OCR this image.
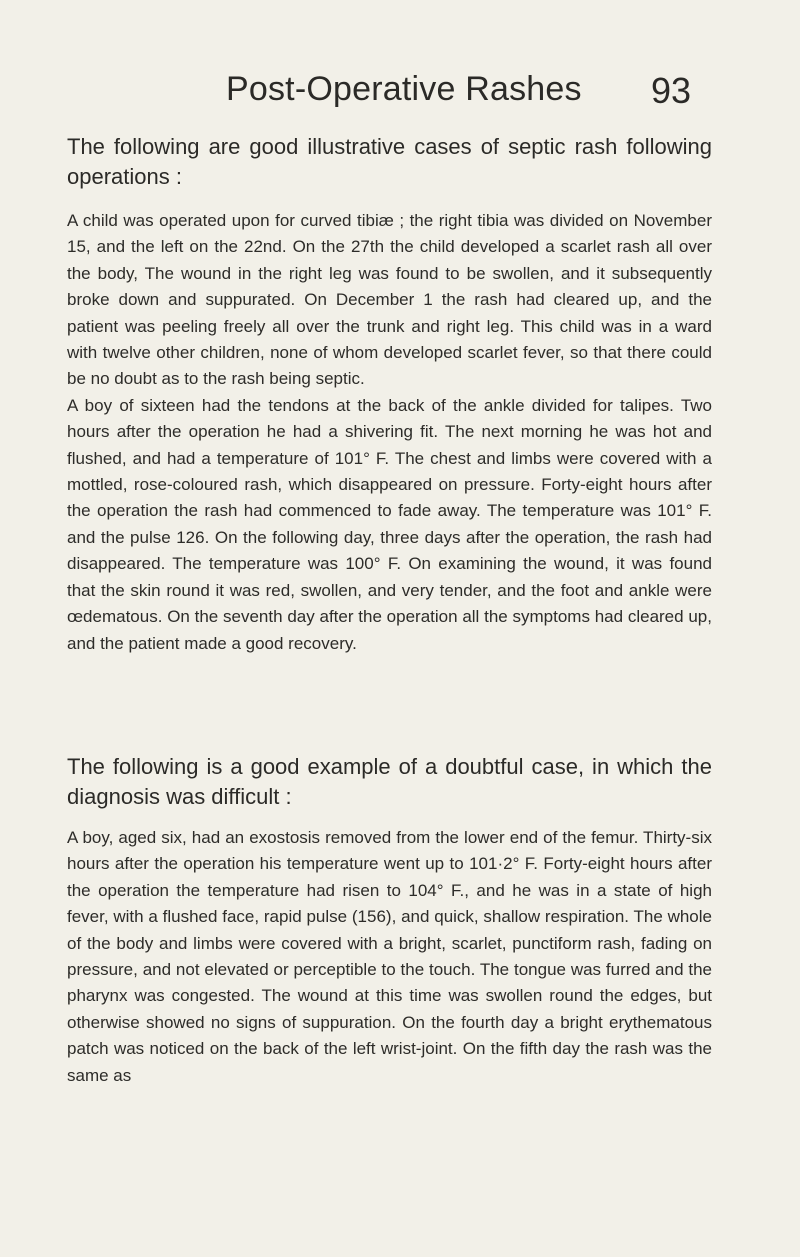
Post-Operative Rashes 93
The following are good illustrative cases of septic rash following operations :

A child was operated upon for curved tibiæ ; the right tibia was divided on November 15, and the left on the 22nd. On the 27th the child developed a scarlet rash all over the body, The wound in the right leg was found to be swollen, and it subsequently broke down and suppurated. On December 1 the rash had cleared up, and the patient was peeling freely all over the trunk and right leg. This child was in a ward with twelve other children, none of whom developed scarlet fever, so that there could be no doubt as to the rash being septic.

A boy of sixteen had the tendons at the back of the ankle divided for talipes. Two hours after the operation he had a shivering fit. The next morning he was hot and flushed, and had a temperature of 101° F. The chest and limbs were covered with a mottled, rose-coloured rash, which disappeared on pressure. Forty-eight hours after the operation the rash had commenced to fade away. The temperature was 101° F. and the pulse 126. On the following day, three days after the operation, the rash had disappeared. The temperature was 100° F. On examining the wound, it was found that the skin round it was red, swollen, and very tender, and the foot and ankle were œdematous. On the seventh day after the operation all the symptoms had cleared up, and the patient made a good recovery.

The following is a good example of a doubtful case, in which the diagnosis was difficult :

A boy, aged six, had an exostosis removed from the lower end of the femur. Thirty-six hours after the operation his temperature went up to 101·2° F. Forty-eight hours after the operation the temperature had risen to 104° F., and he was in a state of high fever, with a flushed face, rapid pulse (156), and quick, shallow respiration. The whole of the body and limbs were covered with a bright, scarlet, punctiform rash, fading on pressure, and not elevated or perceptible to the touch. The tongue was furred and the pharynx was congested. The wound at this time was swollen round the edges, but otherwise showed no signs of suppuration. On the fourth day a bright erythematous patch was noticed on the back of the left wrist-joint. On the fifth day the rash was the same as
